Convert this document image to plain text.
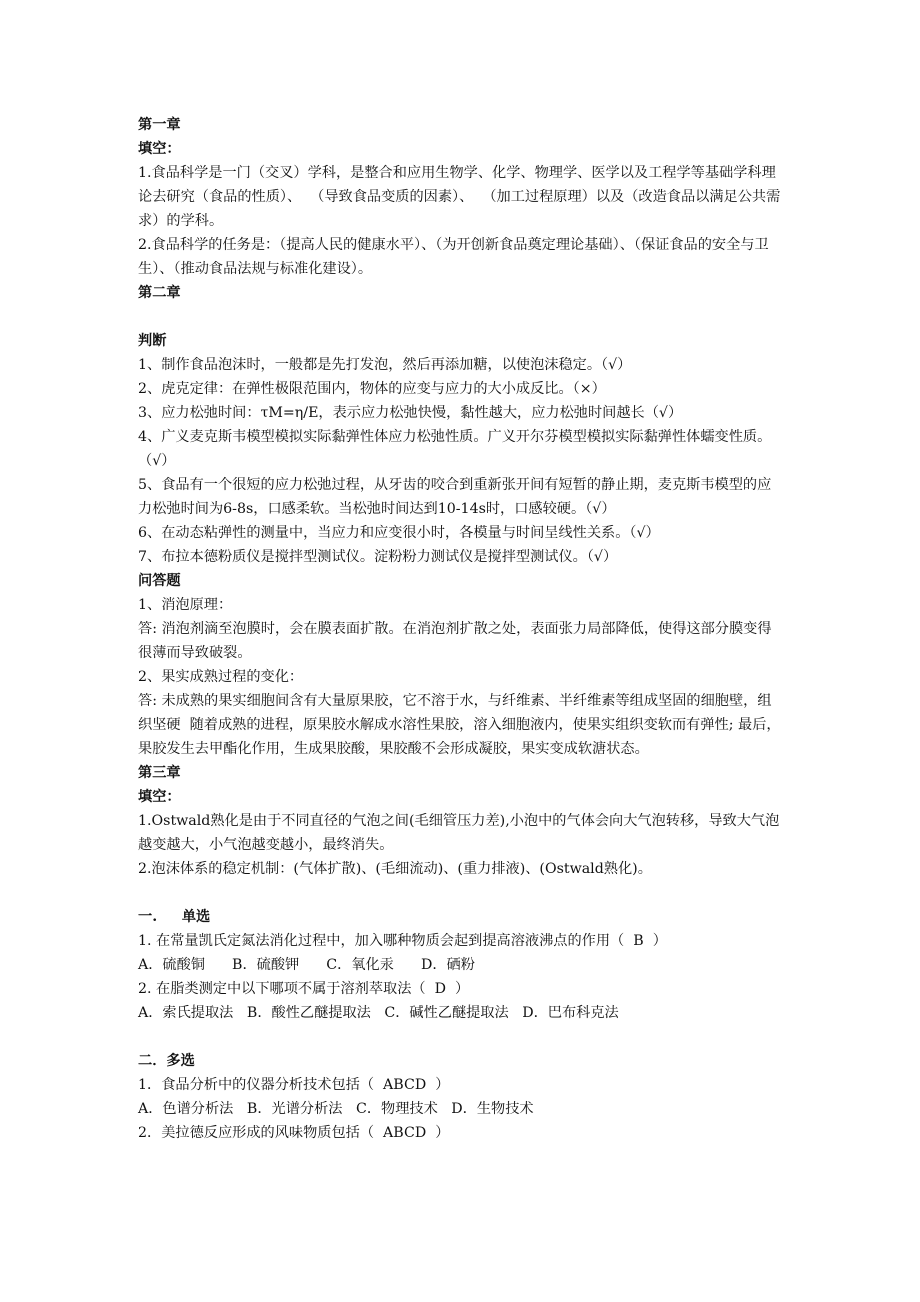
第一章

填空：

1.食品科学是一门（交叉）学科，是整合和应用生物学、化学、物理学、医学以及工程学等基础学科理论去研究（食品的性质）、  （导致食品变质的因素）、  （加工过程原理）以及（改造食品以满足公共需求）的学科。

2.食品科学的任务是：（提高人民的健康水平）、（为开创新食品奠定理论基础）、（保证食品的安全与卫生）、（推动食品法规与标准化建设）。

第二章

判断

1、制作食品泡沫时，一般都是先打发泡，然后再添加糖，以使泡沫稳定。（√）

2、虎克定律：在弹性极限范围内，物体的应变与应力的大小成反比。（×）

3、应力松弛时间：τM=η/E，表示应力松弛快慢，黏性越大，应力松弛时间越长（√）

4、广义麦克斯韦模型模拟实际黏弹性体应力松弛性质。广义开尔芬模型模拟实际黏弹性体蠕变性质。（√）

5、食品有一个很短的应力松弛过程，从牙齿的咬合到重新张开间有短暂的静止期，麦克斯韦模型的应力松弛时间为6-8s，口感柔软。当松弛时间达到10-14s时，口感较硬。（√）

6、在动态粘弹性的测量中，当应力和应变很小时，各模量与时间呈线性关系。（√）

7、布拉本德粉质仪是搅拌型测试仪。淀粉粉力测试仪是搅拌型测试仪。（√）

问答题

1、消泡原理：

答: 消泡剂滴至泡膜时，会在膜表面扩散。在消泡剂扩散之处，表面张力局部降低，使得这部分膜变得很薄而导致破裂。

2、果实成熟过程的变化：

答: 未成熟的果实细胞间含有大量原果胶，它不溶于水，与纤维素、半纤维素等组成坚固的细胞壁，组织坚硬  随着成熟的进程，原果胶水解成水溶性果胶，溶入细胞液内，使果实组织变软而有弹性; 最后，果胶发生去甲酯化作用，生成果胶酸，果胶酸不会形成凝胶，果实变成软溏状态。

第三章

填空：

1.Ostwald熟化是由于不同直径的气泡之间(毛细管压力差),小泡中的气体会向大气泡转移，导致大气泡越变越大，小气泡越变越小，最终消失。

2.泡沫体系的稳定机制：(气体扩散)、(毛细流动)、(重力排液)、(Ostwald熟化)。

一.     单选

1. 在常量凯氏定氮法消化过程中，加入哪种物质会起到提高溶液沸点的作用（  B  ）

A．硫酸铜      B．硫酸钾      C．氧化汞      D．硒粉

2. 在脂类测定中以下哪项不属于溶剂萃取法（  D  ）

A．索氏提取法   B．酸性乙醚提取法   C．碱性乙醚提取法   D．巴布科克法

二．多选

1．食品分析中的仪器分析技术包括（  ABCD  ）

A．色谱分析法   B．光谱分析法   C．物理技术   D．生物技术

2．美拉德反应形成的风味物质包括（  ABCD  ）
